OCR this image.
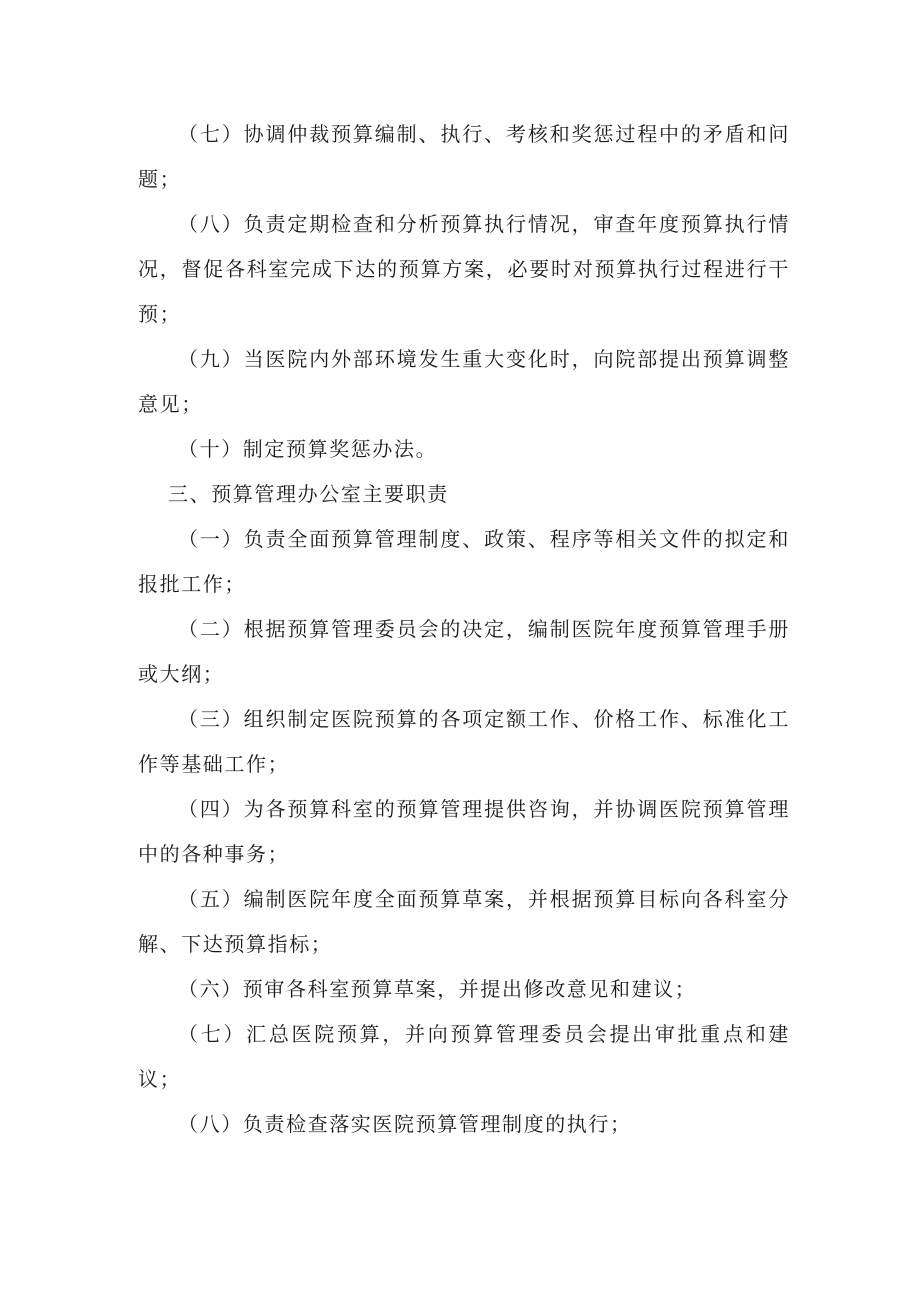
（七）协调仲裁预算编制、执行、考核和奖惩过程中的矛盾和问题；

（八）负责定期检查和分析预算执行情况，审查年度预算执行情况，督促各科室完成下达的预算方案，必要时对预算执行过程进行干预；

（九）当医院内外部环境发生重大变化时，向院部提出预算调整意见；

（十）制定预算奖惩办法。

三、预算管理办公室主要职责

（一）负责全面预算管理制度、政策、程序等相关文件的拟定和报批工作；

（二）根据预算管理委员会的决定，编制医院年度预算管理手册或大纲；

（三）组织制定医院预算的各项定额工作、价格工作、标准化工作等基础工作；

（四）为各预算科室的预算管理提供咨询，并协调医院预算管理中的各种事务；

（五）编制医院年度全面预算草案，并根据预算目标向各科室分解、下达预算指标；

（六）预审各科室预算草案，并提出修改意见和建议；

（七）汇总医院预算，并向预算管理委员会提出审批重点和建议；

（八）负责检查落实医院预算管理制度的执行；
